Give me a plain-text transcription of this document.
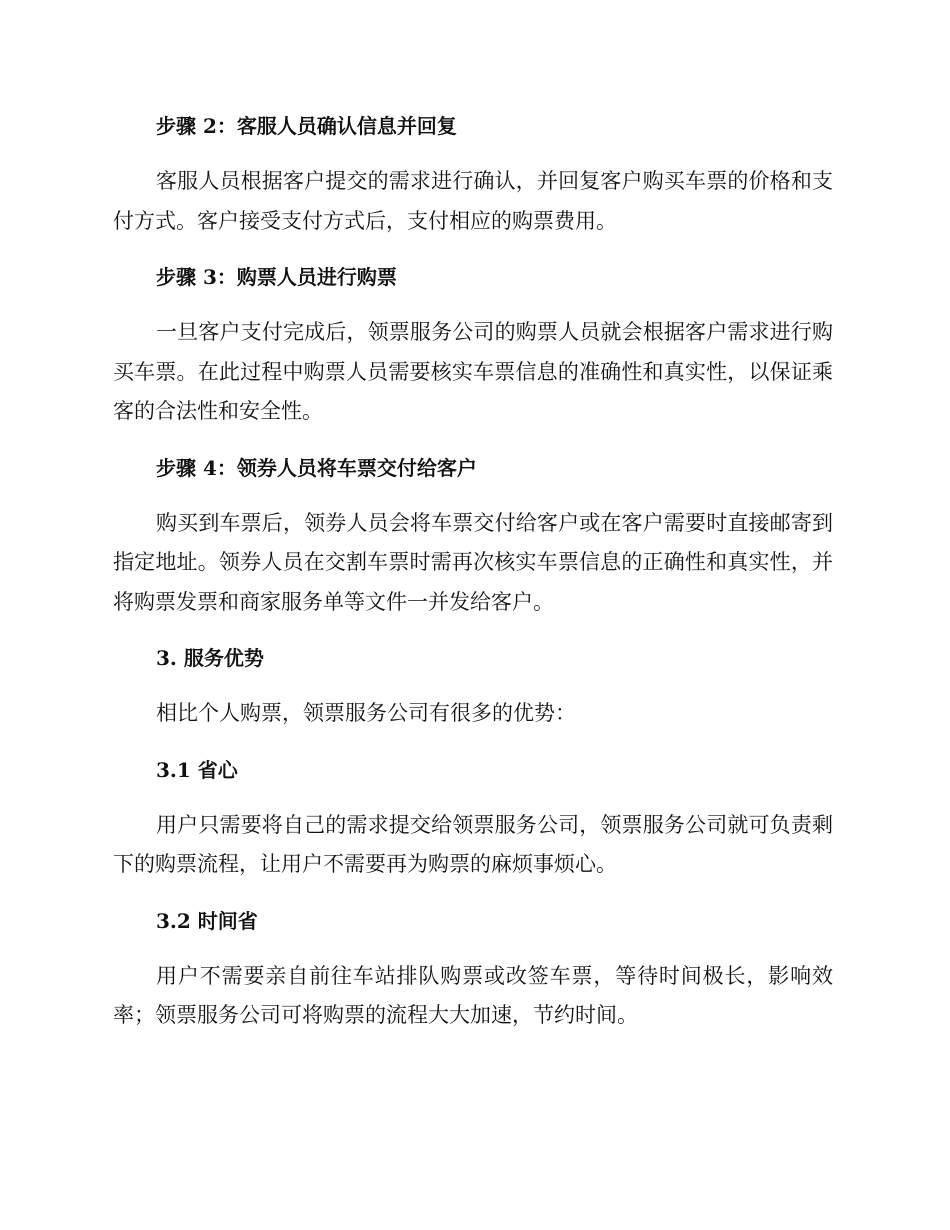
步骤 2：客服人员确认信息并回复

客服人员根据客户提交的需求进行确认，并回复客户购买车票的价格和支付方式。客户接受支付方式后，支付相应的购票费用。

步骤 3：购票人员进行购票

一旦客户支付完成后，领票服务公司的购票人员就会根据客户需求进行购买车票。在此过程中购票人员需要核实车票信息的准确性和真实性，以保证乘客的合法性和安全性。

步骤 4：领券人员将车票交付给客户

购买到车票后，领券人员会将车票交付给客户或在客户需要时直接邮寄到指定地址。领券人员在交割车票时需再次核实车票信息的正确性和真实性，并将购票发票和商家服务单等文件一并发给客户。

3. 服务优势

相比个人购票，领票服务公司有很多的优势：

3.1 省心

用户只需要将自己的需求提交给领票服务公司，领票服务公司就可负责剩下的购票流程，让用户不需要再为购票的麻烦事烦心。

3.2 时间省

用户不需要亲自前往车站排队购票或改签车票，等待时间极长，影响效率；领票服务公司可将购票的流程大大加速，节约时间。
